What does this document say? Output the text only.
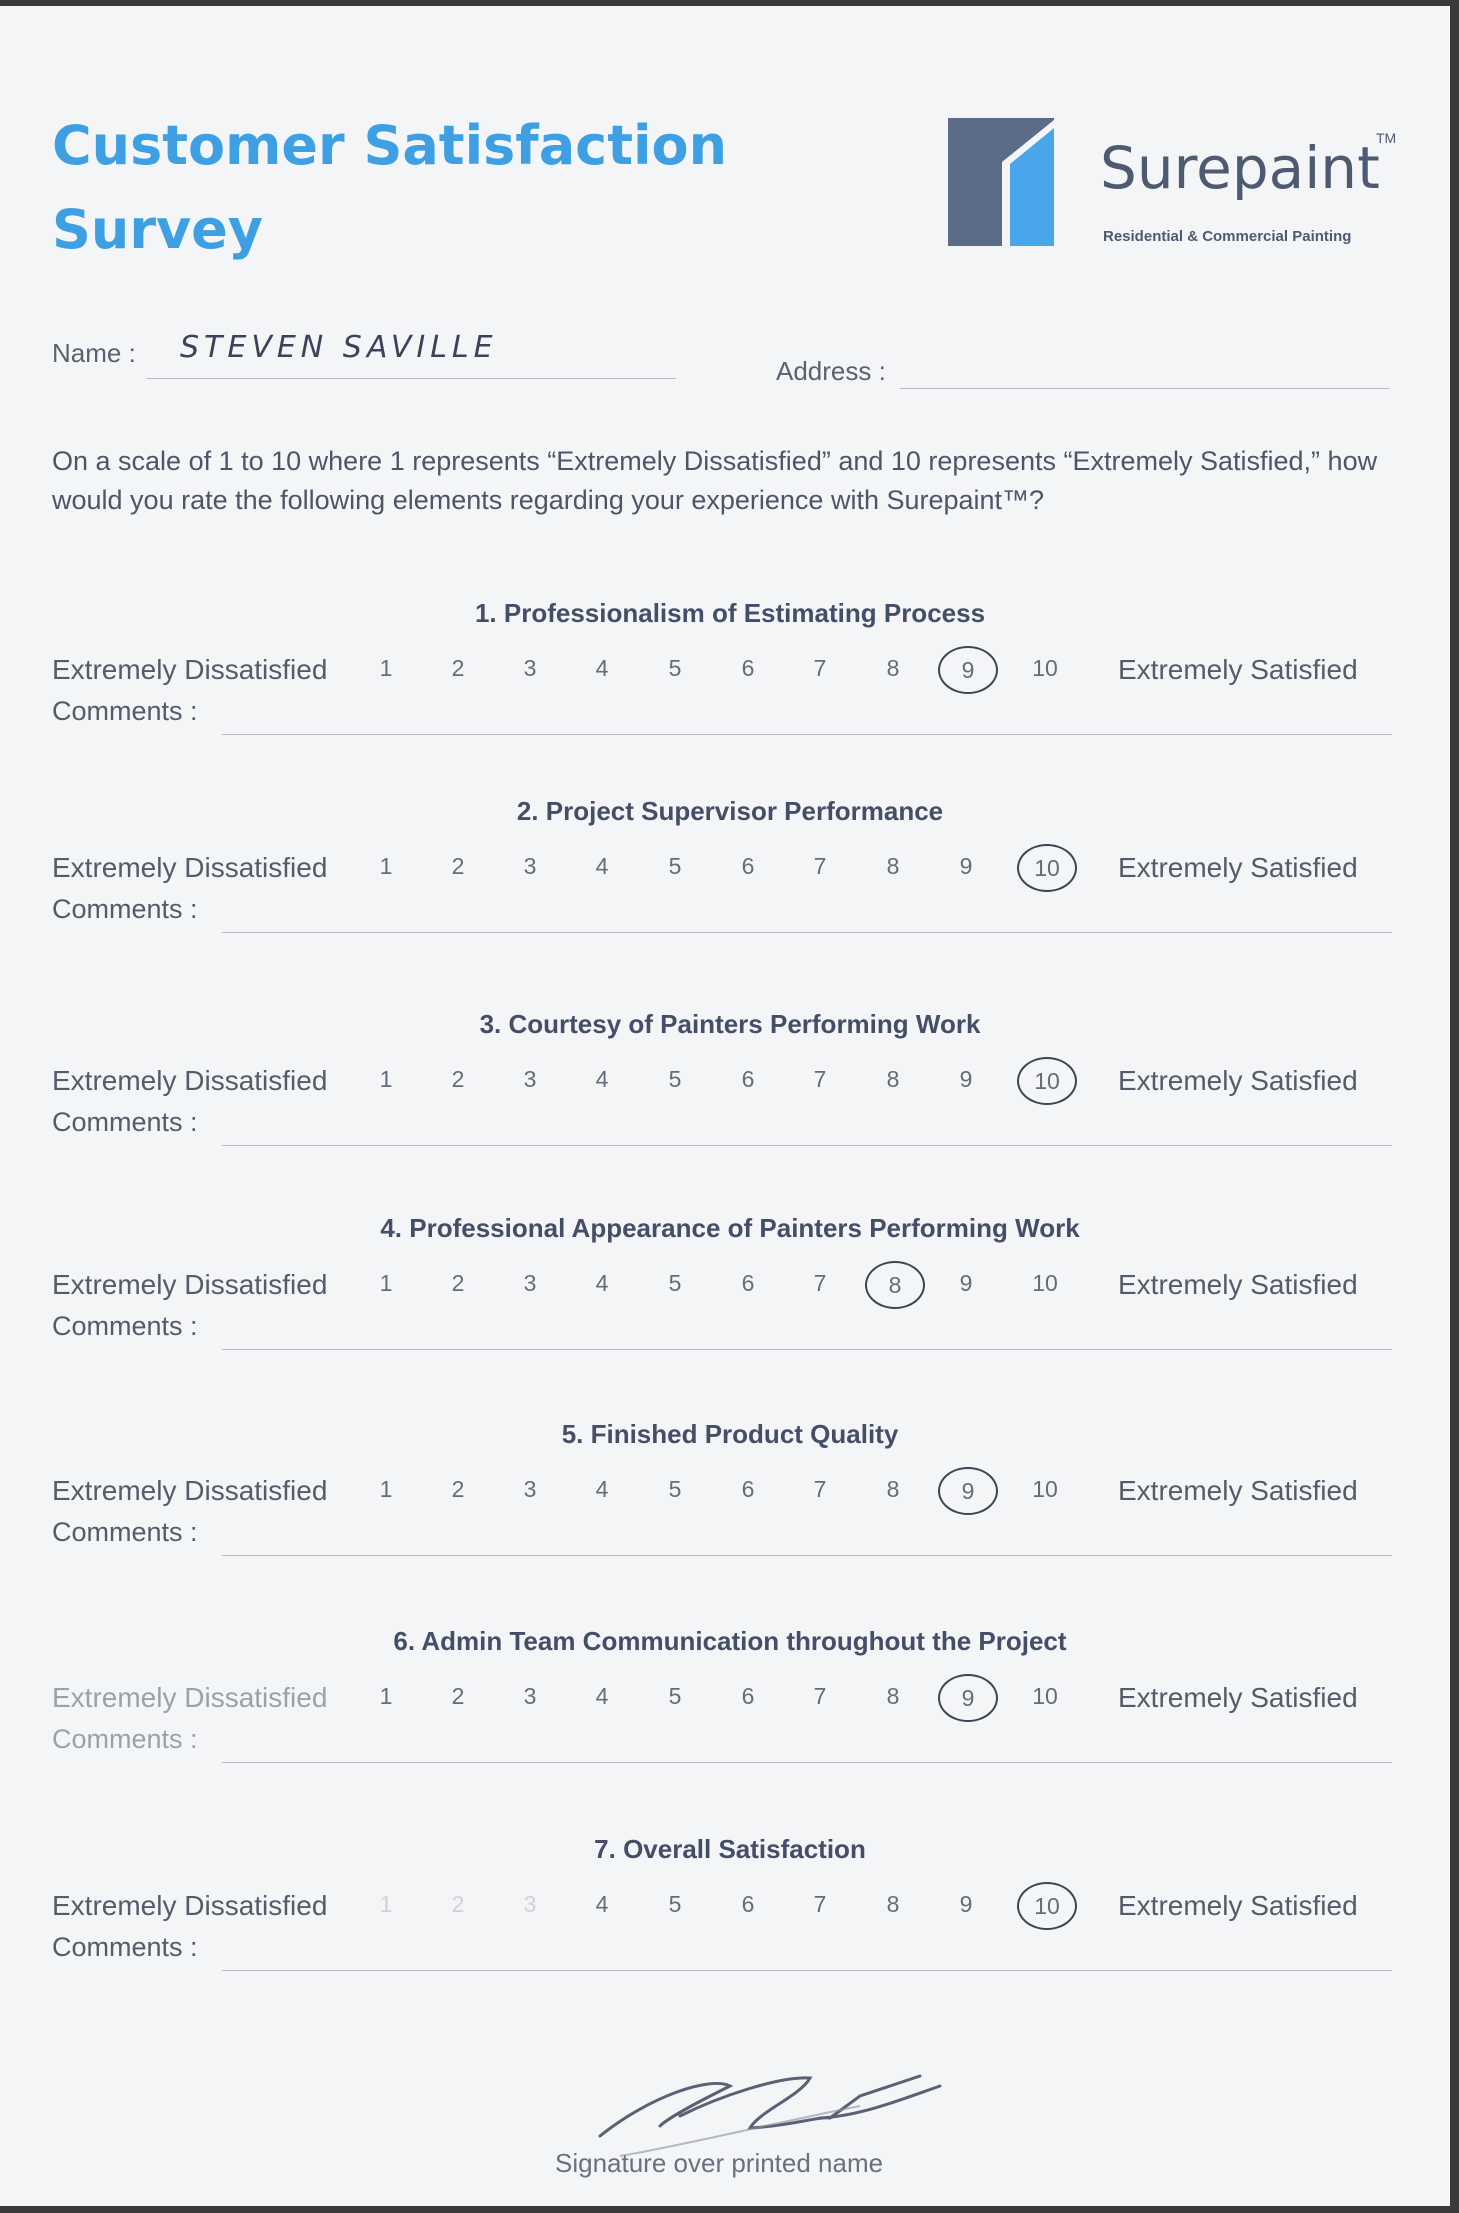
Customer Satisfaction
Survey
Surepaint
TM
Residential & Commercial Painting
Name : STEVEN SAVILLE
Address :

On a scale of 1 to 10 where 1 represents “Extremely Dissatisfied” and 10 represents “Extremely Satisfied,” how would you rate the following elements regarding your experience with Surepaint™?

1. Professionalism of Estimating Process
Extremely Dissatisfied	1	2	3	4	5	6	7	8	9	10	Extremely Satisfied
Comments :
2. Project Supervisor Performance
Extremely Dissatisfied	1	2	3	4	5	6	7	8	9	10	Extremely Satisfied
Comments :
3. Courtesy of Painters Performing Work
Extremely Dissatisfied	1	2	3	4	5	6	7	8	9	10	Extremely Satisfied
Comments :
4. Professional Appearance of Painters Performing Work
Extremely Dissatisfied	1	2	3	4	5	6	7	8	9	10	Extremely Satisfied
Comments :
5. Finished Product Quality
Extremely Dissatisfied	1	2	3	4	5	6	7	8	9	10	Extremely Satisfied
Comments :
6. Admin Team Communication throughout the Project
Extremely Dissatisfied	1	2	3	4	5	6	7	8	9	10	Extremely Satisfied
Comments :
7. Overall Satisfaction
Extremely Dissatisfied	1	2	3	4	5	6	7	8	9	10	Extremely Satisfied
Comments :
Signature over printed name
